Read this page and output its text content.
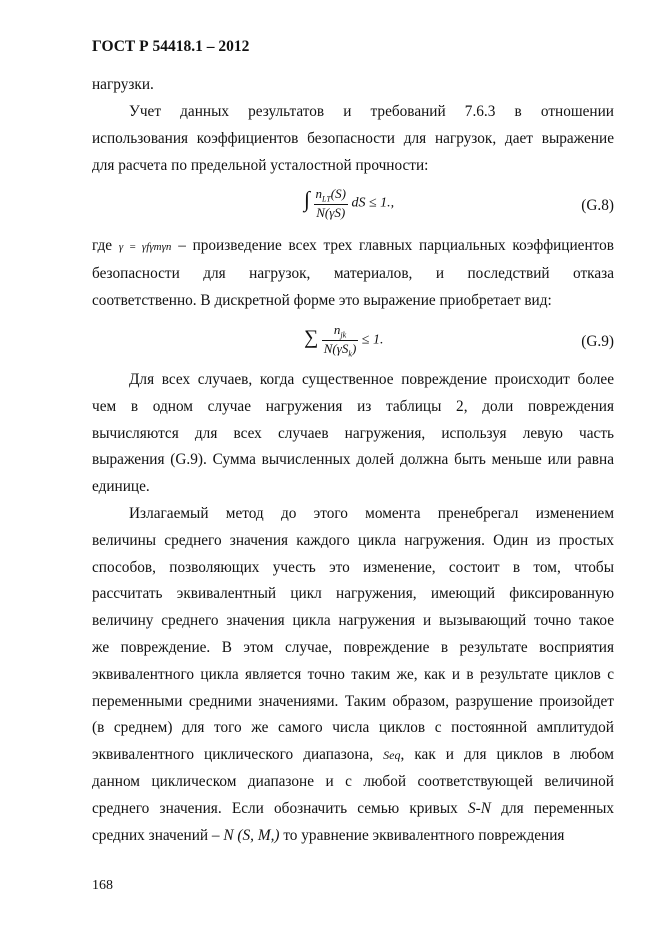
ГОСТ Р 54418.1 – 2012
нагрузки.
Учет данных результатов и требований 7.6.3 в отношении
использования коэффициентов безопасности для нагрузок, дает выражение
для расчета по предельной усталостной прочности:
∫ $\frac{n_{LT}(S)}{N(\gamma S)}$ dS ≤ 1.,	(G.8)
где γ = γfγmγn – произведение всех трех главных парциальных коэффициентов
безопасности для нагрузок, материалов, и последствий отказа
соответственно. В дискретной форме это выражение приобретает вид:
∑ $\frac{n_{jk}}{N(\gamma S_k)} \le 1$.	(G.9)
Для всех случаев, когда существенное повреждение происходит более
чем в одном случае нагружения из таблицы 2, доли повреждения
вычисляются для всех случаев нагружения, используя левую часть
выражения (G.9). Сумма вычисленных долей должна быть меньше или равна
единице.
Излагаемый метод до этого момента пренебрегал изменением
величины среднего значения каждого цикла нагружения. Один из простых
способов, позволяющих учесть это изменение, состоит в том, чтобы
рассчитать эквивалентный цикл нагружения, имеющий фиксированную
величину среднего значения цикла нагружения и вызывающий точно такое
же повреждение. В этом случае, повреждение в результате восприятия
эквивалентного цикла является точно таким же, как и в результате циклов с
переменными средними значениями. Таким образом, разрушение произойдет
(в среднем) для того же самого числа циклов с постоянной амплитудой
эквивалентного циклического диапазона, Seq, как и для циклов в любом
данном циклическом диапазоне и с любой соответствующей величиной
среднего значения. Если обозначить семью кривых S-N для переменных
средних значений – N (S, M,) то уравнение эквивалентного повреждения
168
